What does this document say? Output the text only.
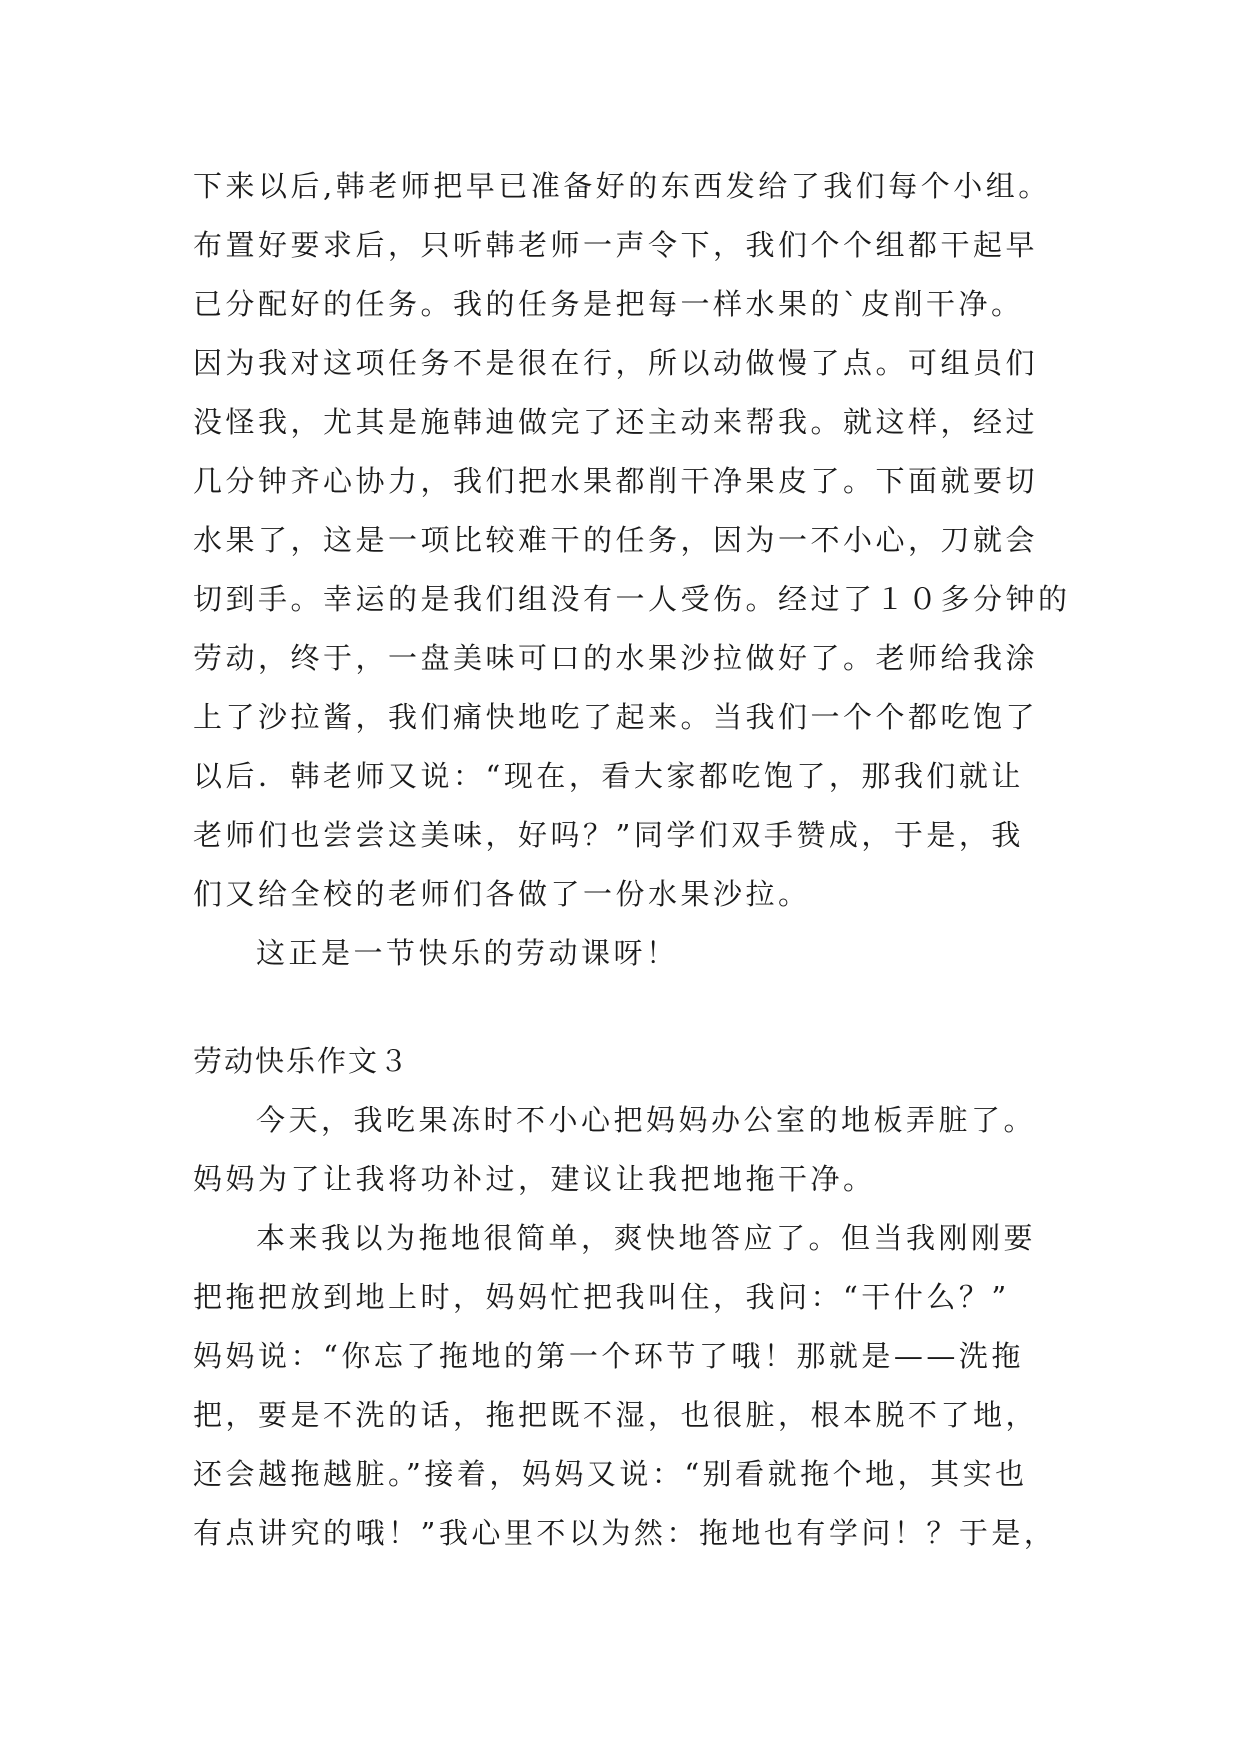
下来以后,韩老师把早已准备好的东西发给了我们每个小组。
布置好要求后，只听韩老师一声令下，我们个个组都干起早
已分配好的任务。我的任务是把每一样水果的`皮削干净。
因为我对这项任务不是很在行，所以动做慢了点。可组员们
没怪我，尤其是施韩迪做完了还主动来帮我。就这样，经过
几分钟齐心协力，我们把水果都削干净果皮了。下面就要切
水果了，这是一项比较难干的任务，因为一不小心，刀就会
切到手。幸运的是我们组没有一人受伤。经过了１０多分钟的
劳动，终于，一盘美味可口的水果沙拉做好了。老师给我涂
上了沙拉酱，我们痛快地吃了起来。当我们一个个都吃饱了
以后．韩老师又说：“现在，看大家都吃饱了，那我们就让
老师们也尝尝这美味，好吗？”同学们双手赞成，于是，我
们又给全校的老师们各做了一份水果沙拉。
这正是一节快乐的劳动课呀！
劳动快乐作文３
今天，我吃果冻时不小心把妈妈办公室的地板弄脏了。
妈妈为了让我将功补过，建议让我把地拖干净。
本来我以为拖地很简单，爽快地答应了。但当我刚刚要
把拖把放到地上时，妈妈忙把我叫住，我问：“干什么？”
妈妈说：“你忘了拖地的第一个环节了哦！那就是——洗拖
把，要是不洗的话，拖把既不湿，也很脏，根本脱不了地，
还会越拖越脏。”接着，妈妈又说：“别看就拖个地，其实也
有点讲究的哦！”我心里不以为然：拖地也有学问！？于是，
